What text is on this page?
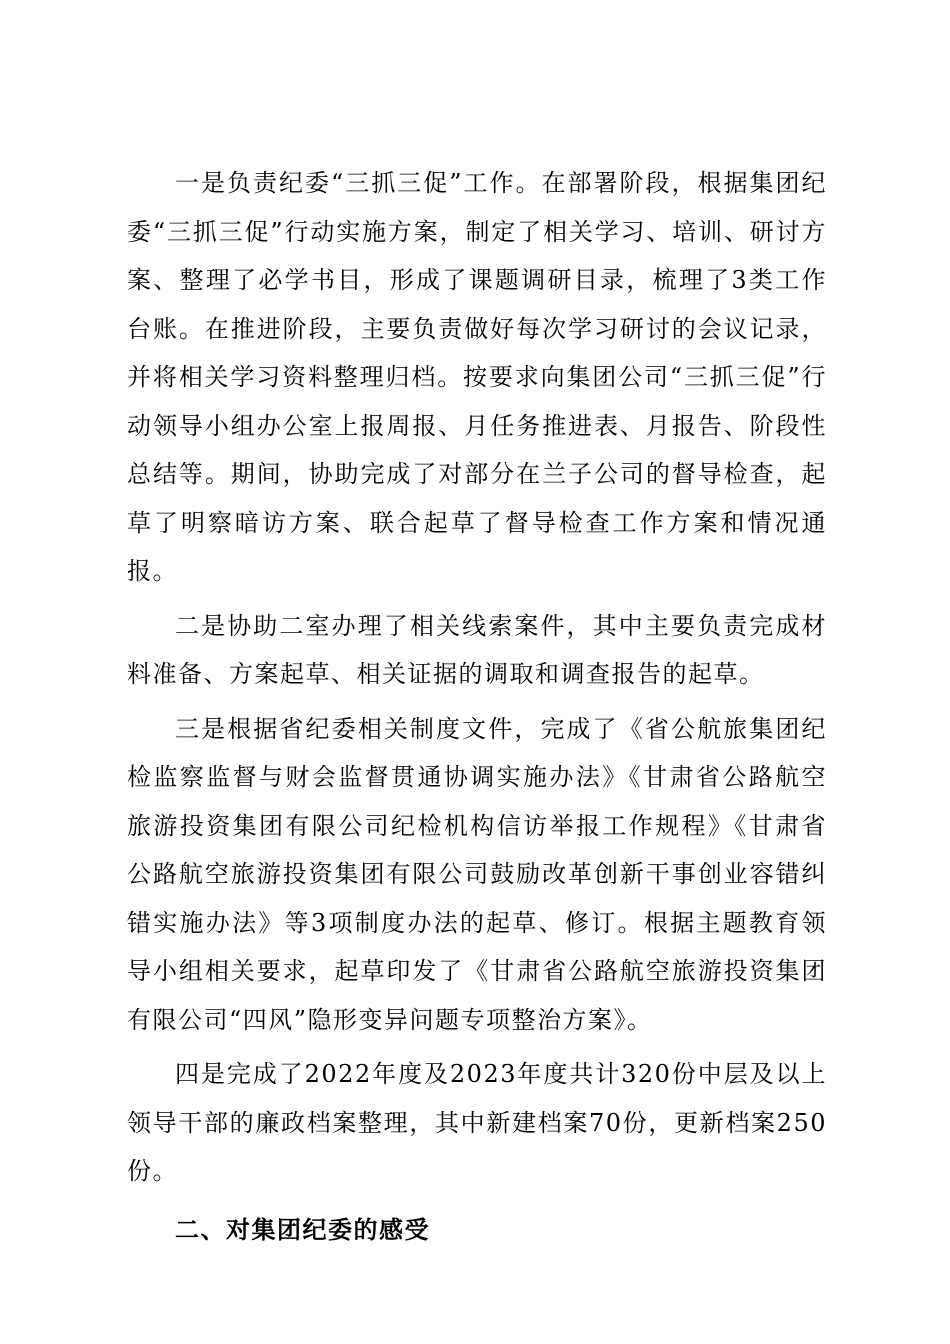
一是负责纪委“三抓三促”工作。在部署阶段，根据集团纪委“三抓三促”行动实施方案，制定了相关学习、培训、研讨方案、整理了必学书目，形成了课题调研目录，梳理了3类工作台账。在推进阶段，主要负责做好每次学习研讨的会议记录，并将相关学习资料整理归档。按要求向集团公司“三抓三促”行动领导小组办公室上报周报、月任务推进表、月报告、阶段性总结等。期间，协助完成了对部分在兰子公司的督导检查，起草了明察暗访方案、联合起草了督导检查工作方案和情况通报。

二是协助二室办理了相关线索案件，其中主要负责完成材料准备、方案起草、相关证据的调取和调查报告的起草。

三是根据省纪委相关制度文件，完成了《省公航旅集团纪检监察监督与财会监督贯通协调实施办法》《甘肃省公路航空旅游投资集团有限公司纪检机构信访举报工作规程》《甘肃省公路航空旅游投资集团有限公司鼓励改革创新干事创业容错纠错实施办法》等3项制度办法的起草、修订。根据主题教育领导小组相关要求，起草印发了《甘肃省公路航空旅游投资集团有限公司“四风”隐形变异问题专项整治方案》。

四是完成了2022年度及2023年度共计320份中层及以上领导干部的廉政档案整理，其中新建档案70份，更新档案250份。

二、对集团纪委的感受
